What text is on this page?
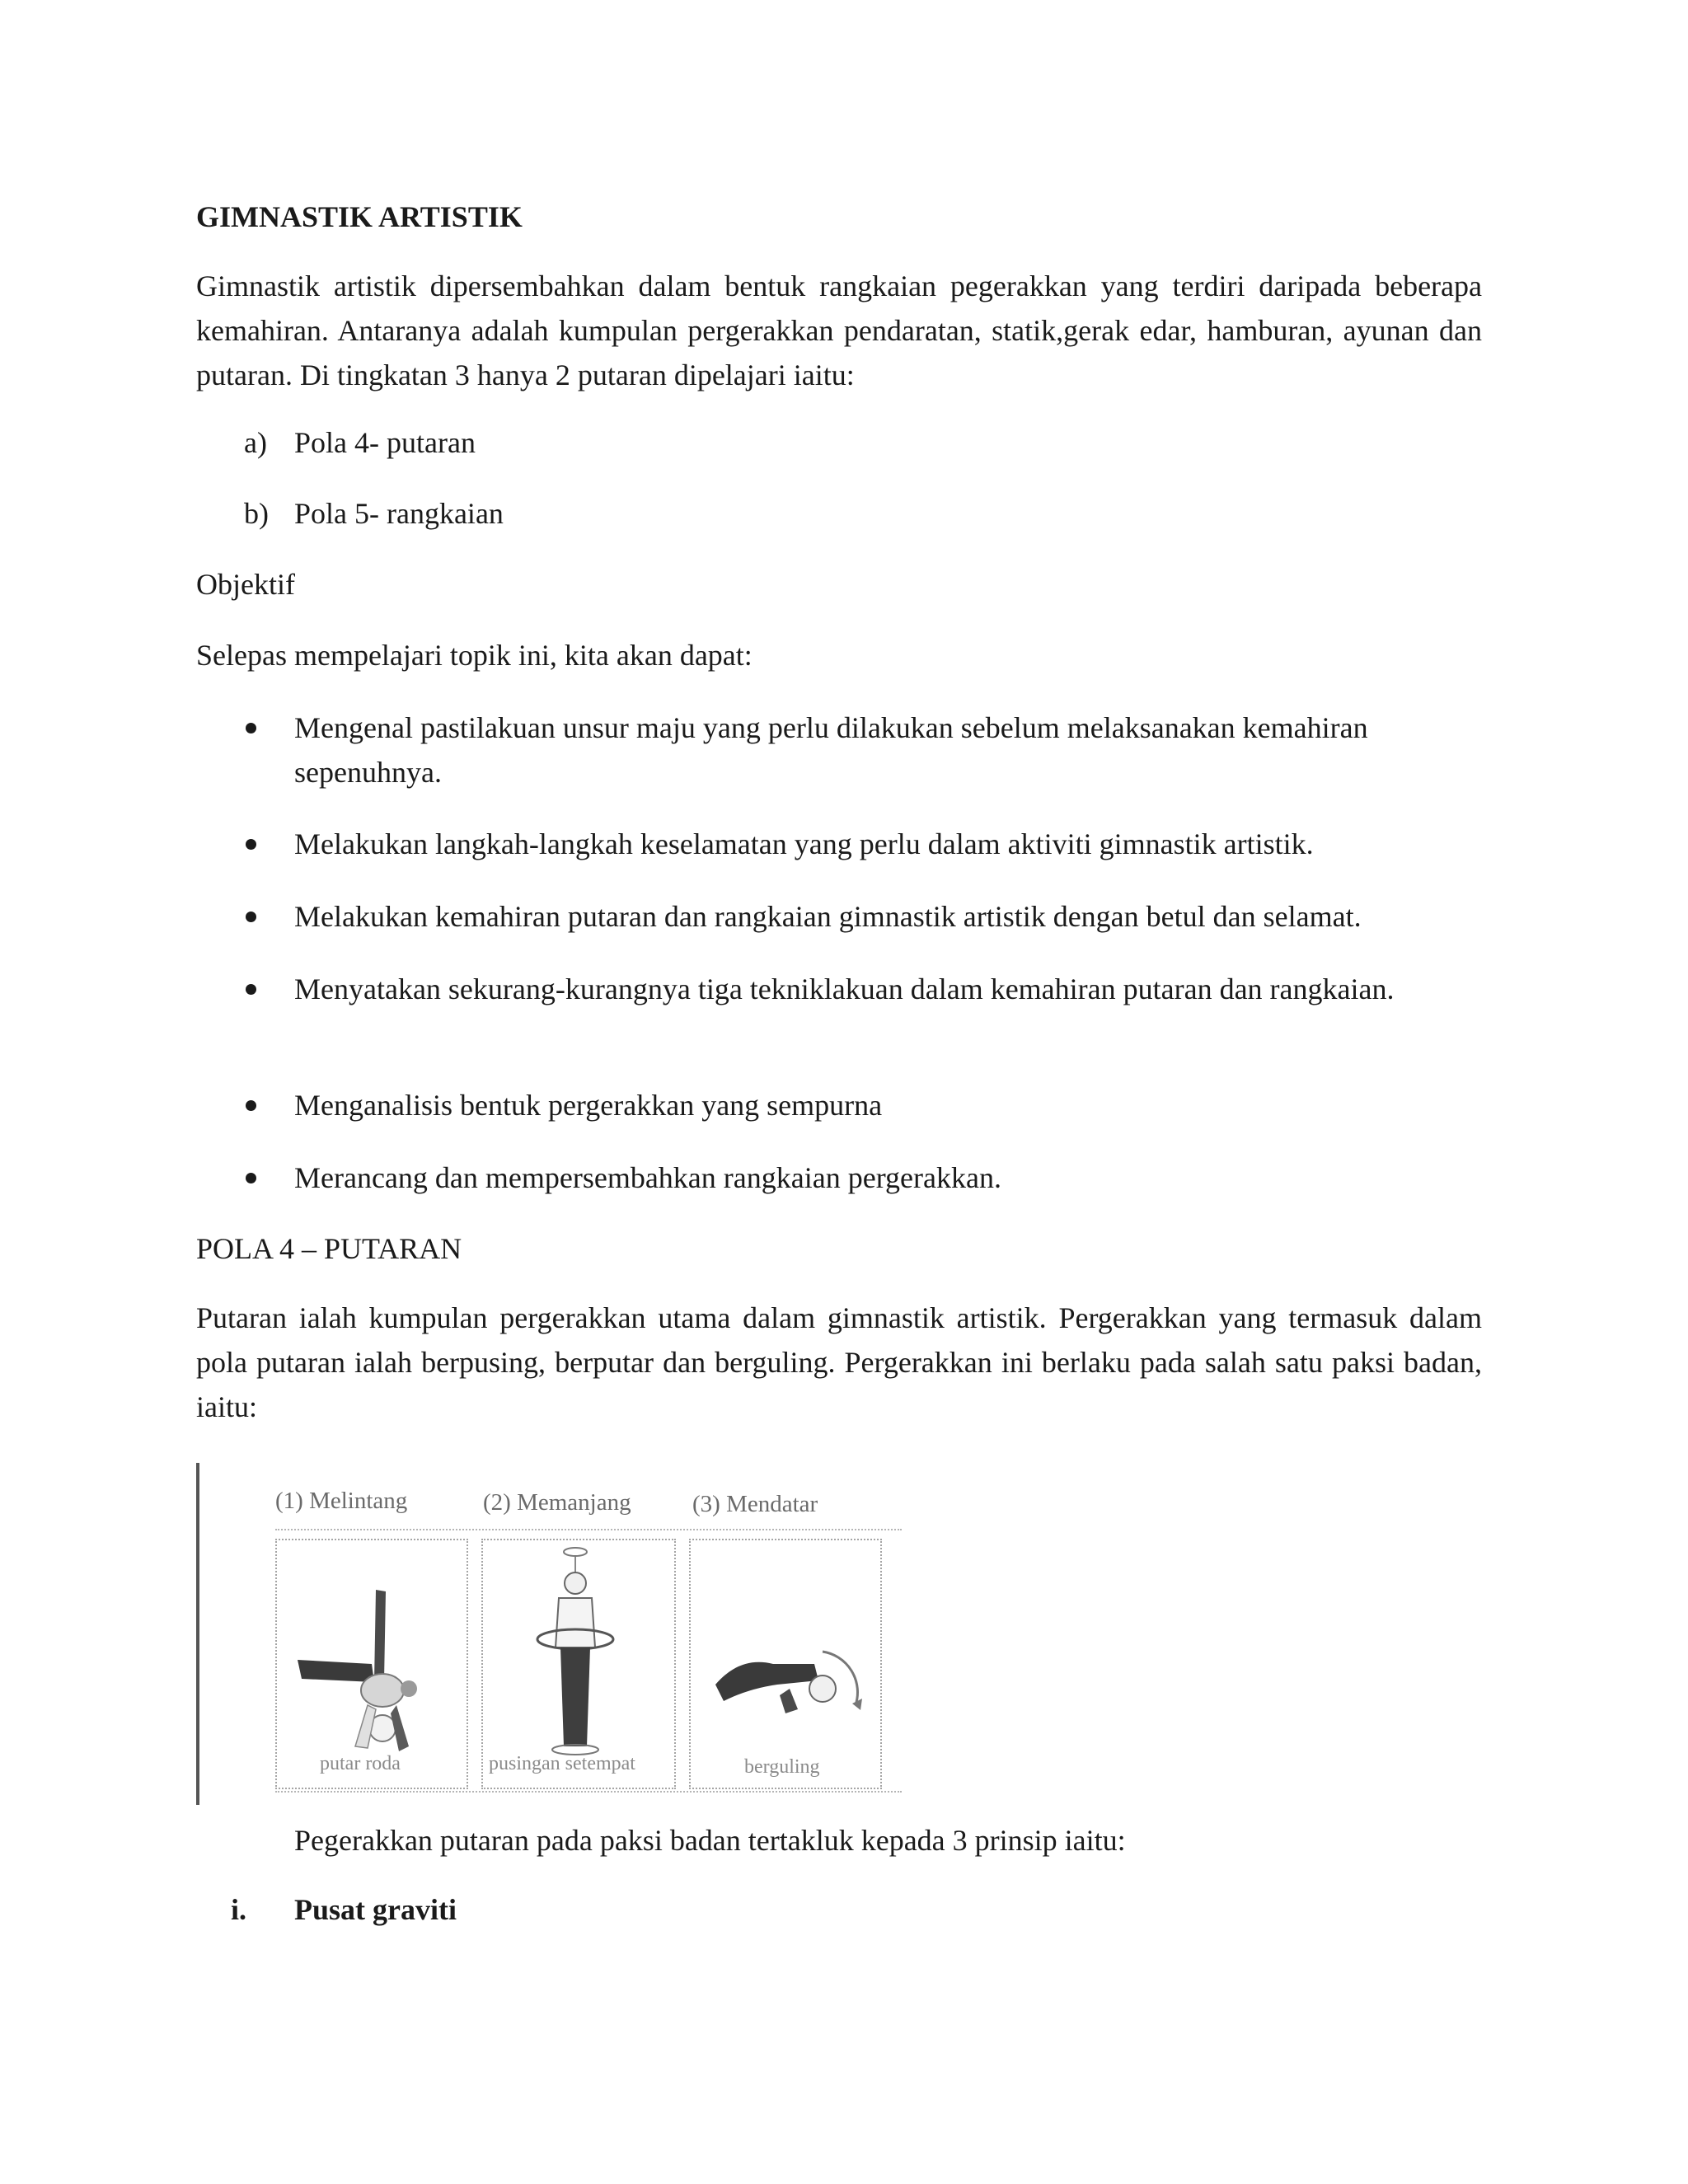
GIMNASTIK ARTISTIK

Gimnastik artistik dipersembahkan dalam bentuk rangkaian pegerakkan yang terdiri daripada beberapa kemahiran. Antaranya adalah kumpulan pergerakkan pendaratan, statik,gerak edar, hamburan, ayunan dan putaran. Di tingkatan 3 hanya 2 putaran dipelajari iaitu:

a) Pola 4- putaran
b) Pola 5- rangkaian

Objektif

Selepas mempelajari topik ini, kita akan dapat:

Mengenal pastilakuan unsur maju yang perlu dilakukan sebelum melaksanakan kemahiran sepenuhnya.

Melakukan langkah-langkah keselamatan yang perlu dalam aktiviti gimnastik artistik.

Melakukan kemahiran putaran dan rangkaian gimnastik artistik dengan betul dan selamat.

Menyatakan sekurang-kurangnya tiga tekniklakuan dalam kemahiran putaran dan rangkaian.

Menganalisis bentuk pergerakkan yang sempurna

Merancang dan mempersembahkan rangkaian pergerakkan.

POLA 4 – PUTARAN

Putaran ialah kumpulan pergerakkan utama dalam gimnastik artistik. Pergerakkan yang termasuk dalam pola putaran ialah berpusing, berputar dan berguling. Pergerakkan ini berlaku pada salah satu paksi badan, iaitu:

(1) Melintang	(2) Memanjang	(3) Mendatar
putar roda	pusingan setempat	berguling

Pegerakkan putaran pada paksi badan tertakluk kepada 3 prinsip iaitu:

i. Pusat graviti
